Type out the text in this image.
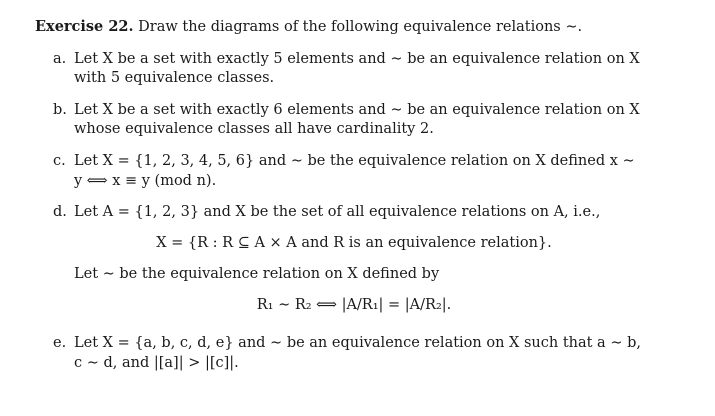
Exercise 22. Draw the diagrams of the following equivalence relations ∼.
a. Let X be a set with exactly 5 elements and ∼ be an equivalence relation on X
with 5 equivalence classes.
b. Let X be a set with exactly 6 elements and ∼ be an equivalence relation on X
whose equivalence classes all have cardinality 2.
c. Let X = {1, 2, 3, 4, 5, 6} and ∼ be the equivalence relation on X defined x ∼
y ⟺ x ≡ y (mod n).
d. Let A = {1, 2, 3} and X be the set of all equivalence relations on A, i.e.,
X = {R : R ⊆ A × A and R is an equivalence relation}.
Let ∼ be the equivalence relation on X defined by
R₁ ∼ R₂ ⟺ |A/R₁| = |A/R₂|.
e. Let X = {a, b, c, d, e} and ∼ be an equivalence relation on X such that a ∼ b,
c ∼ d, and |[a]| > |[c]|.
